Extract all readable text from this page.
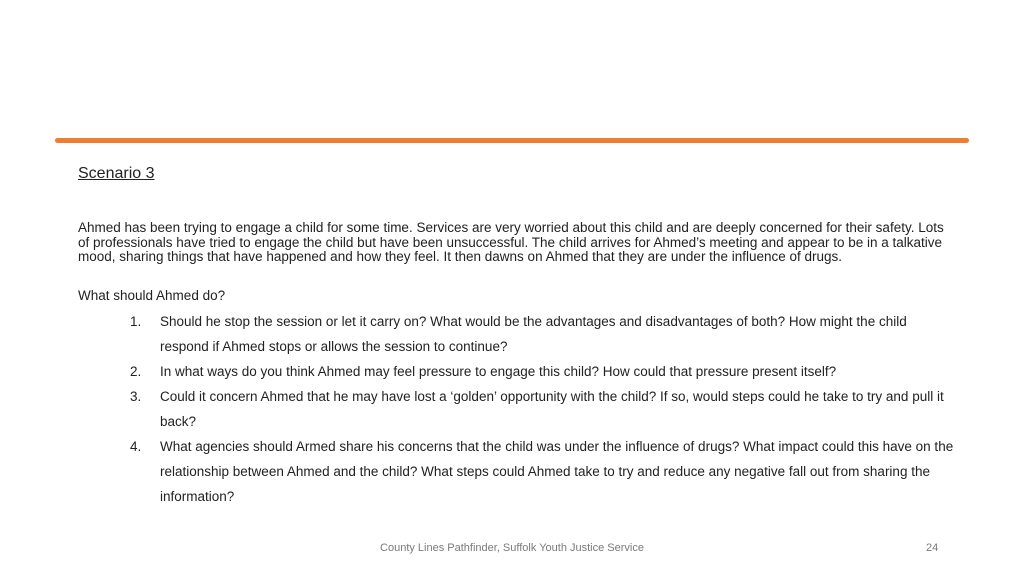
Scenario 3
Ahmed has been trying to engage a child for some time. Services are very worried about this child and are deeply concerned for their safety. Lots of professionals have tried to engage the child but have been unsuccessful. The child arrives for Ahmed’s meeting and appear to be in a talkative mood, sharing things that have happened and how they feel. It then dawns on Ahmed that they are under the influence of drugs.
What should Ahmed do?
1. Should he stop the session or let it carry on? What would be the advantages and disadvantages of both? How might the child respond if Ahmed stops or allows the session to continue?
2. In what ways do you think Ahmed may feel pressure to engage this child? How could that pressure present itself?
3. Could it concern Ahmed that he may have lost a ‘golden’ opportunity with the child? If so, would steps could he take to try and pull it back?
4. What agencies should Armed share his concerns that the child was under the influence of drugs? What impact could this have on the relationship between Ahmed and the child? What steps could Ahmed take to try and reduce any negative fall out from sharing the information?
County Lines Pathfinder, Suffolk Youth Justice Service	24
